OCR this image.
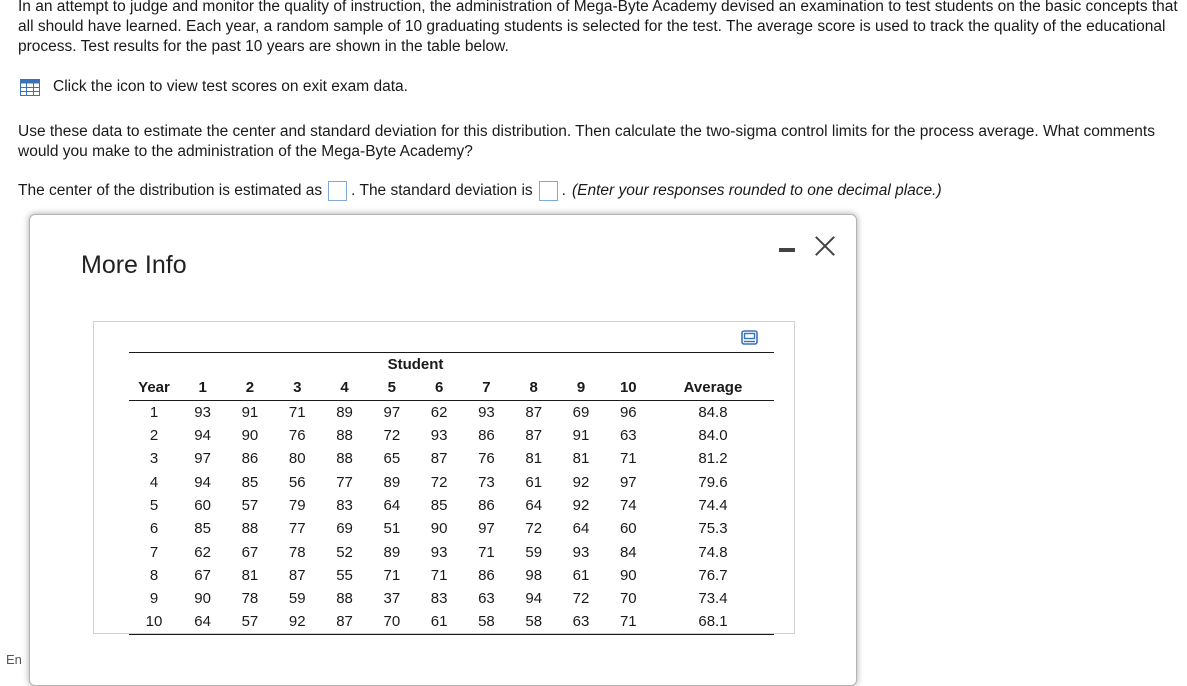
In an attempt to judge and monitor the quality of instruction, the administration of Mega-Byte Academy devised an examination to test students on the basic concepts that all should have learned. Each year, a random sample of 10 graduating students is selected for the test. The average score is used to track the quality of the educational process. Test results for the past 10 years are shown in the table below.

Click the icon to view test scores on exit exam data.
Use these data to estimate the center and standard deviation for this distribution. Then calculate the two-sigma control limits for the process average. What comments would you make to the administration of the Mega-Byte Academy?
The center of the distribution is estimated as . The standard deviation is . (Enter your responses rounded to one decimal place.)
En
More Info
	Student										
Year	1	2	3	4	5	6	7	8	9	10	Average
1	93	91	71	89	97	62	93	87	69	96	84.8
2	94	90	76	88	72	93	86	87	91	63	84.0
3	97	86	80	88	65	87	76	81	81	71	81.2
4	94	85	56	77	89	72	73	61	92	97	79.6
5	60	57	79	83	64	85	86	64	92	74	74.4
6	85	88	77	69	51	90	97	72	64	60	75.3
7	62	67	78	52	89	93	71	59	93	84	74.8
8	67	81	87	55	71	71	86	98	61	90	76.7
9	90	78	59	88	37	83	63	94	72	70	73.4
10	64	57	92	87	70	61	58	58	63	71	68.1
